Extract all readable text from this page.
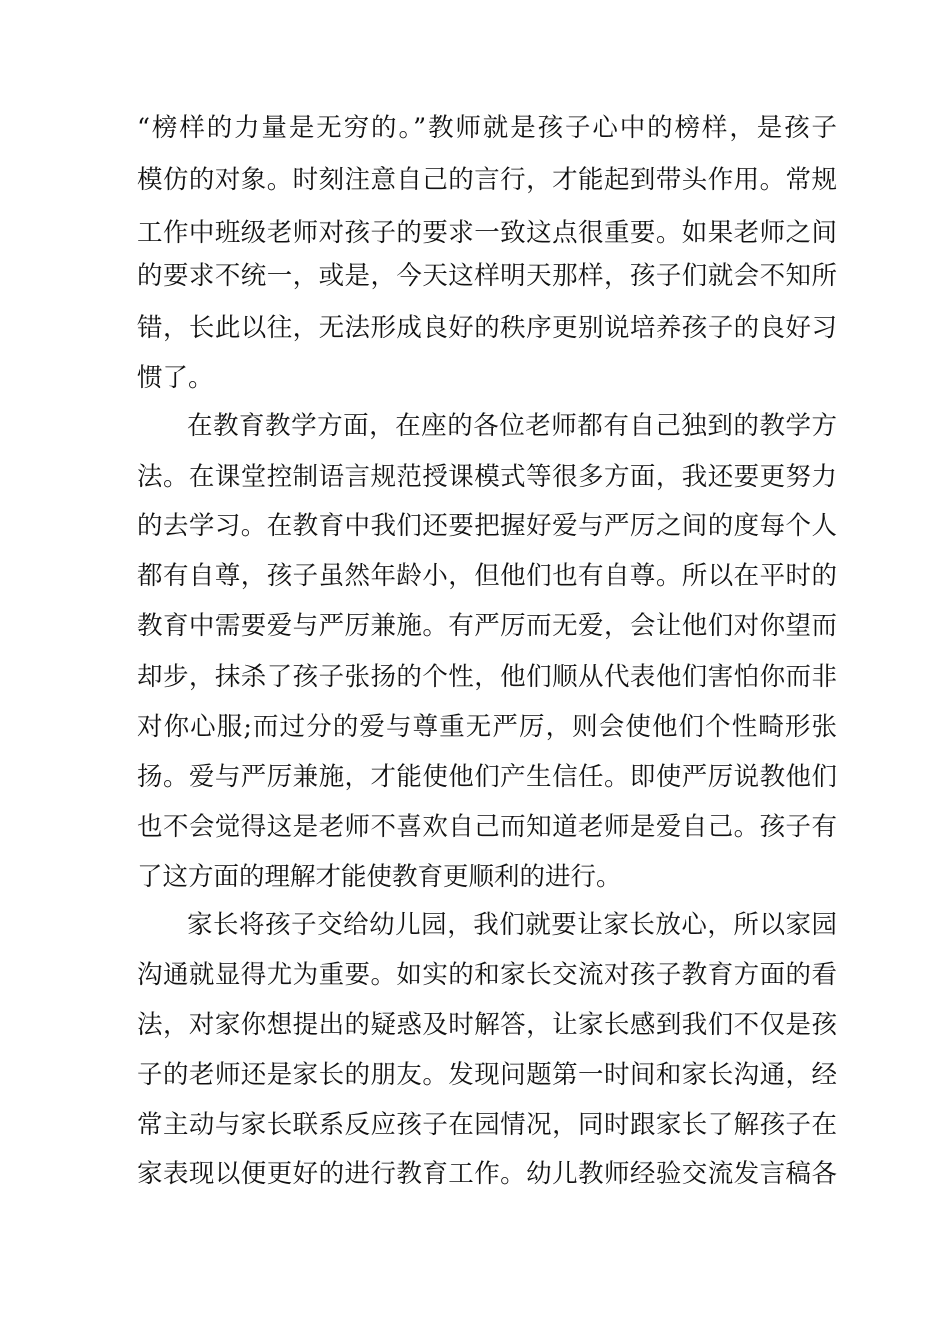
“榜样的力量是无穷的。”教师就是孩子心中的榜样，是孩子
模仿的对象。时刻注意自己的言行，才能起到带头作用。常规
工作中班级老师对孩子的要求一致这点很重要。如果老师之间
的要求不统一，或是，今天这样明天那样，孩子们就会不知所
错，长此以往，无法形成良好的秩序更别说培养孩子的良好习
惯了。
在教育教学方面，在座的各位老师都有自己独到的教学方
法。在课堂控制语言规范授课模式等很多方面，我还要更努力
的去学习。在教育中我们还要把握好爱与严厉之间的度每个人
都有自尊，孩子虽然年龄小，但他们也有自尊。所以在平时的
教育中需要爱与严厉兼施。有严厉而无爱，会让他们对你望而
却步，抹杀了孩子张扬的个性，他们顺从代表他们害怕你而非
对你心服;而过分的爱与尊重无严厉，则会使他们个性畸形张
扬。爱与严厉兼施，才能使他们产生信任。即使严厉说教他们
也不会觉得这是老师不喜欢自己而知道老师是爱自己。孩子有
了这方面的理解才能使教育更顺利的进行。
家长将孩子交给幼儿园，我们就要让家长放心，所以家园
沟通就显得尤为重要。如实的和家长交流对孩子教育方面的看
法，对家你想提出的疑惑及时解答，让家长感到我们不仅是孩
子的老师还是家长的朋友。发现问题第一时间和家长沟通，经
常主动与家长联系反应孩子在园情况，同时跟家长了解孩子在
家表现以便更好的进行教育工作。幼儿教师经验交流发言稿各
